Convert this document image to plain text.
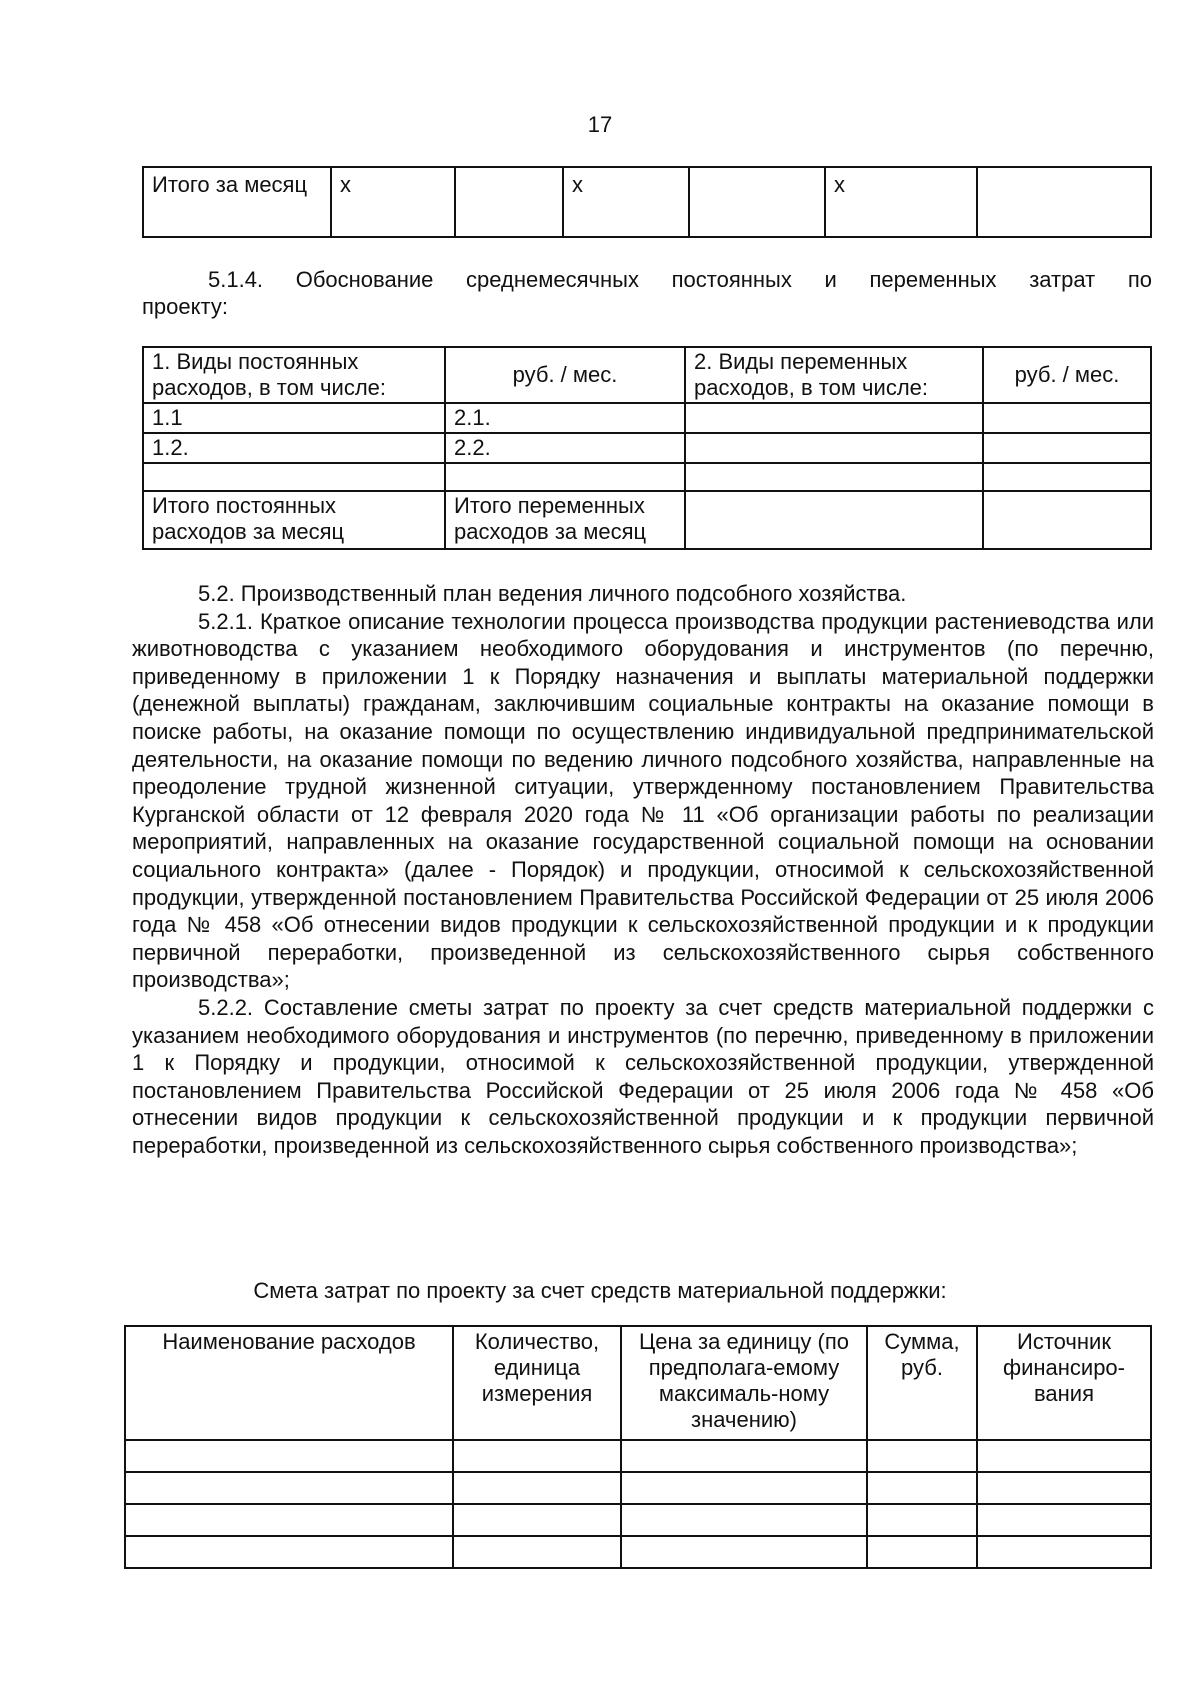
17
Итого за месяц	х		х		х	
5.1.4. Обоснование среднемесячных постоянных и переменных затрат по
проекту:
1. Виды постоянных расходов, в том числе:	руб. / мес.	2. Виды переменных расходов, в том числе:	руб. / мес.
1.1	2.1.		
1.2.	2.2.		

Итого постоянных расходов за месяц	Итого переменных расходов за месяц		
5.2. Производственный план ведения личного подсобного хозяйства.
5.2.1. Краткое описание технологии процесса производства продукции растениеводства или животноводства с указанием необходимого оборудования и инструментов (по перечню, приведенному в приложении 1 к Порядку назначения и выплаты материальной поддержки (денежной выплаты) гражданам, заключившим социальные контракты на оказание помощи в поиске работы, на оказание помощи по осуществлению индивидуальной предпринимательской деятельности, на оказание помощи по ведению личного подсобного хозяйства, направленные на преодоление трудной жизненной ситуации, утвержденному постановлением Правительства Курганской области от 12 февраля 2020 года № 11 «Об организации работы по реализации мероприятий, направленных на оказание государственной социальной помощи на основании социального контракта» (далее - Порядок) и продукции, относимой к сельскохозяйственной продукции, утвержденной постановлением Правительства Российской Федерации от 25 июля 2006 года № 458 «Об отнесении видов продукции к сельскохозяйственной продукции и к продукции первичной переработки, произведенной из сельскохозяйственного сырья собственного производства»;
5.2.2. Составление сметы затрат по проекту за счет средств материальной поддержки с указанием необходимого оборудования и инструментов (по перечню, приведенному в приложении 1 к Порядку и продукции, относимой к сельскохозяйственной продукции, утвержденной постановлением Правительства Российской Федерации от 25 июля 2006 года № 458 «Об отнесении видов продукции к сельскохозяйственной продукции и к продукции первичной переработки, произведенной из сельскохозяйственного сырья собственного производства»;
Смета затрат по проекту за счет средств материальной поддержки:
Наименование расходов	Количество, единица измерения	Цена за единицу (по предполага-емому максималь-ному значению)	Сумма, руб.	Источник финансиро-вания
